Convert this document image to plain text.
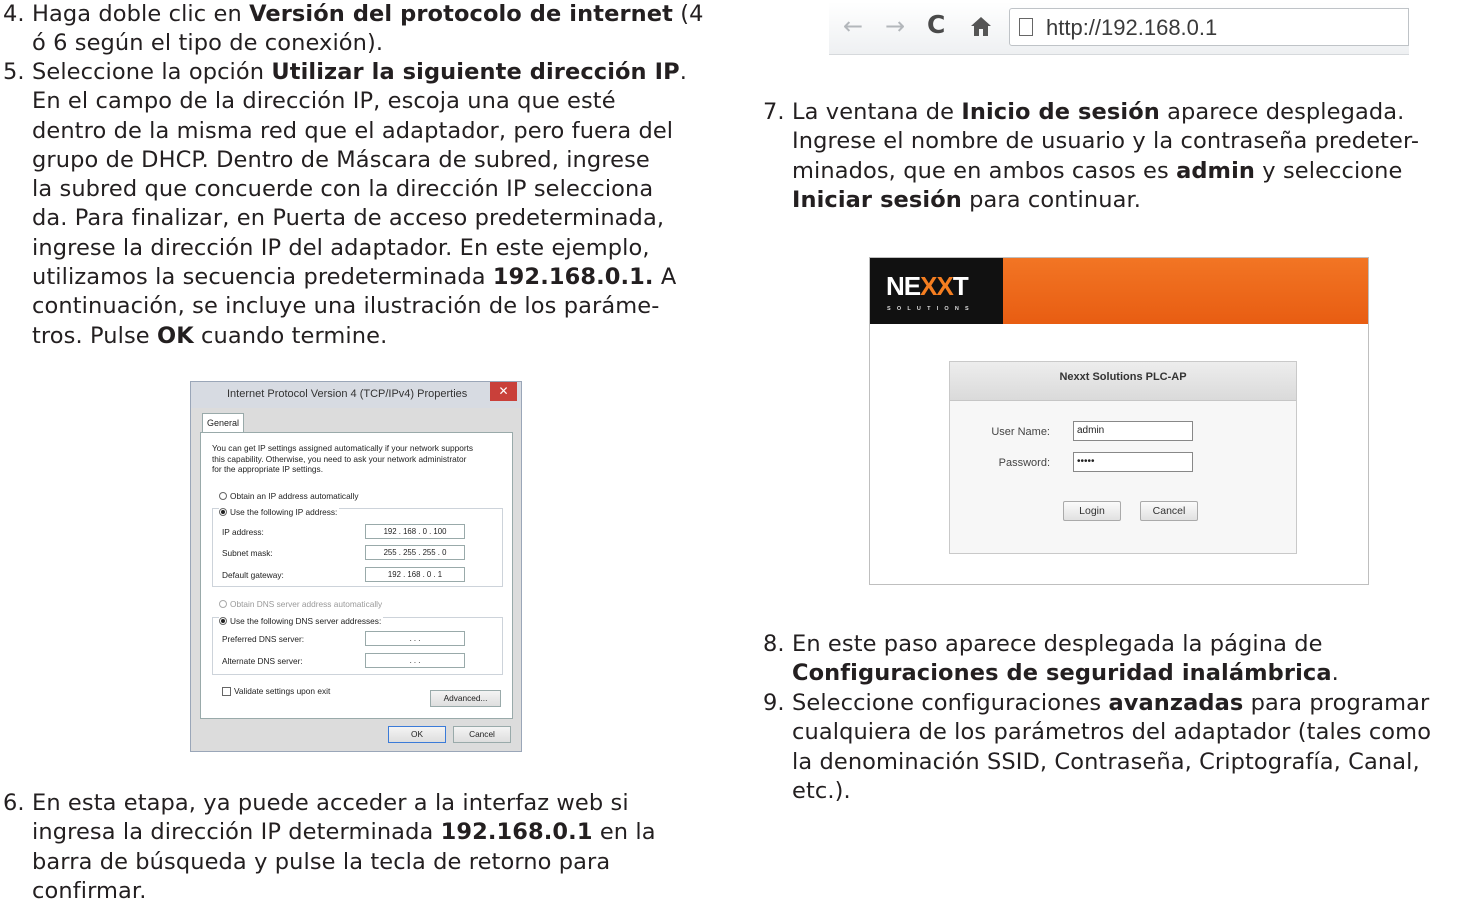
4. Haga doble clic en Versión del protocolo de internet (4

ó 6 según el tipo de conexión).

5. Seleccione la opción Utilizar la siguiente dirección IP.

En el campo de la dirección IP, escoja una que esté

dentro de la misma red que el adaptador, pero fuera del

grupo de DHCP. Dentro de Máscara de subred, ingrese

la subred que concuerde con la dirección IP selecciona

da. Para finalizar, en Puerta de acceso predeterminada,

ingrese la dirección IP del adaptador. En este ejemplo,

utilizamos la secuencia predeterminada 192.168.0.1. A

continuación, se incluye una ilustración de los paráme-

tros. Pulse OK cuando termine.

6. En esta etapa, ya puede acceder a la interfaz web si

ingresa la dirección IP determinada 192.168.0.1 en la

barra de búsqueda y pulse la tecla de retorno para

confirmar.

7. La ventana de Inicio de sesión aparece desplegada.

Ingrese el nombre de usuario y la contraseña predeter-

minados, que en ambos casos es admin y seleccione

Iniciar sesión para continuar.

8. En este paso aparece desplegada la página de

Configuraciones de seguridad inalámbrica.

9. Seleccione configuraciones avanzadas para programar

cualquiera de los parámetros del adaptador (tales como

la denominación SSID, Contraseña, Criptografía, Canal,

etc.).

Internet Protocol Version 4 (TCP/IPv4) Properties	✕
General
You can get IP settings assigned automatically if your network supports
this capability. Otherwise, you need to ask your network administrator
for the appropriate IP settings.
Obtain an IP address automatically
Use the following IP address:
IP address:	192 . 168 . 0 . 100
Subnet mask:	255 . 255 . 255 . 0
Default gateway:	192 . 168 . 0 . 1
Obtain DNS server address automatically
Use the following DNS server addresses:
Preferred DNS server:	. . .
Alternate DNS server:	. . .
Validate settings upon exit
Advanced...
OK	Cancel
← → C	http://192.168.0.1
NEXXT
SOLUTIONS
Nexxt Solutions PLC-AP
User Name:	admin
Password:	•••••
Login	Cancel
